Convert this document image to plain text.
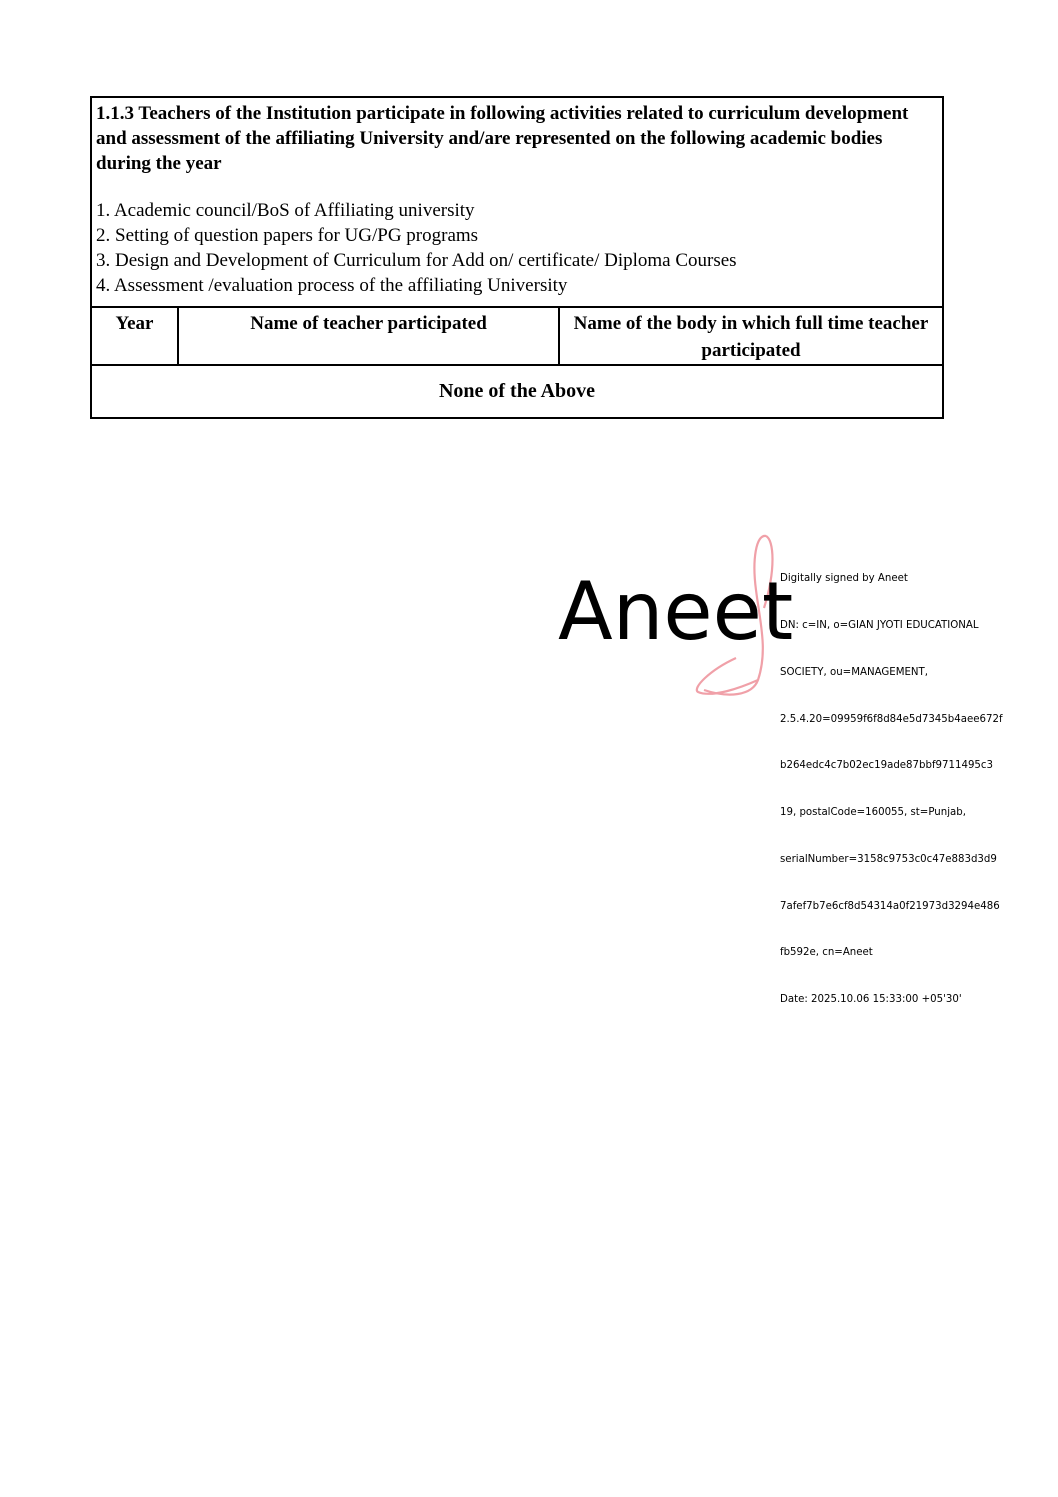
1.1.3 Teachers of the Institution participate in following activities related to curriculum development and assessment of the affiliating University and/are represented on the following academic bodies during the year

1. Academic council/BoS of Affiliating university

2. Setting of question papers for UG/PG programs

3. Design and Development of Curriculum for Add on/ certificate/ Diploma Courses

4. Assessment /evaluation process of the affiliating University

Year	Name of teacher participated	Name of the body in which full time teacher participated
None of the Above
Aneet

Digitally signed by Aneet

DN: c=IN, o=GIAN JYOTI EDUCATIONAL

SOCIETY, ou=MANAGEMENT,

2.5.4.20=09959f6f8d84e5d7345b4aee672f

b264edc4c7b02ec19ade87bbf9711495c3

19, postalCode=160055, st=Punjab,

serialNumber=3158c9753c0c47e883d3d9

7afef7b7e6cf8d54314a0f21973d3294e486

fb592e, cn=Aneet

Date: 2025.10.06 15:33:00 +05'30'
